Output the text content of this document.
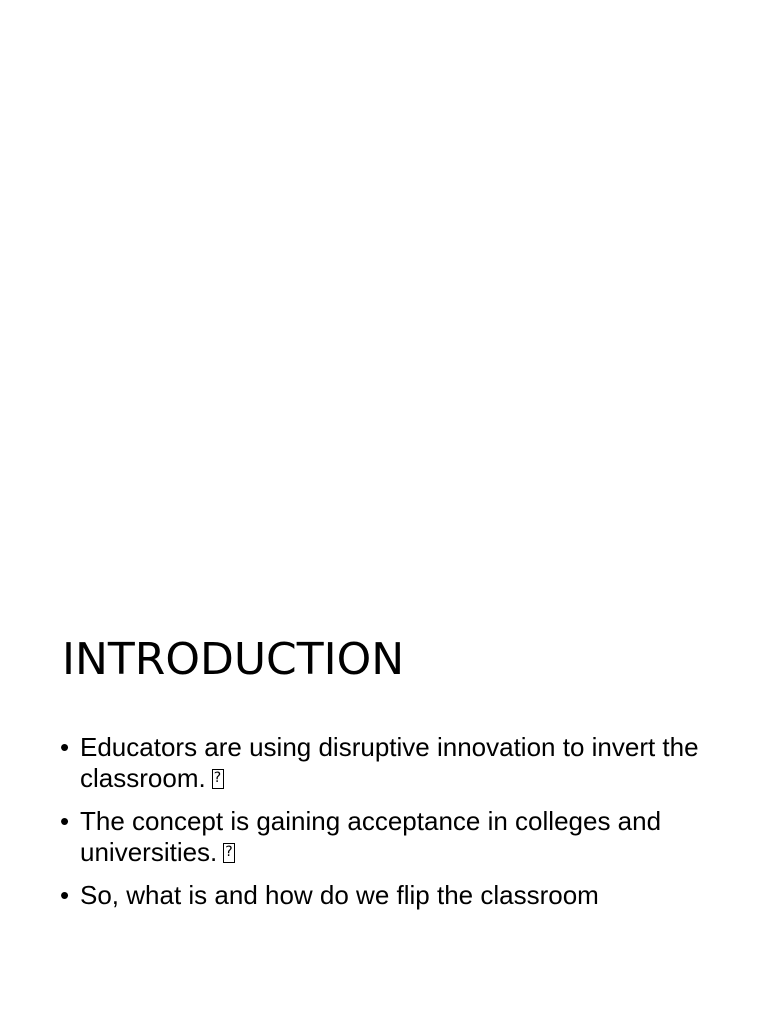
INTRODUCTION
• Educators are using disruptive innovation to invert the classroom.?
• The concept is gaining acceptance in colleges and universities.?
• So, what is and how do we flip the classroom
